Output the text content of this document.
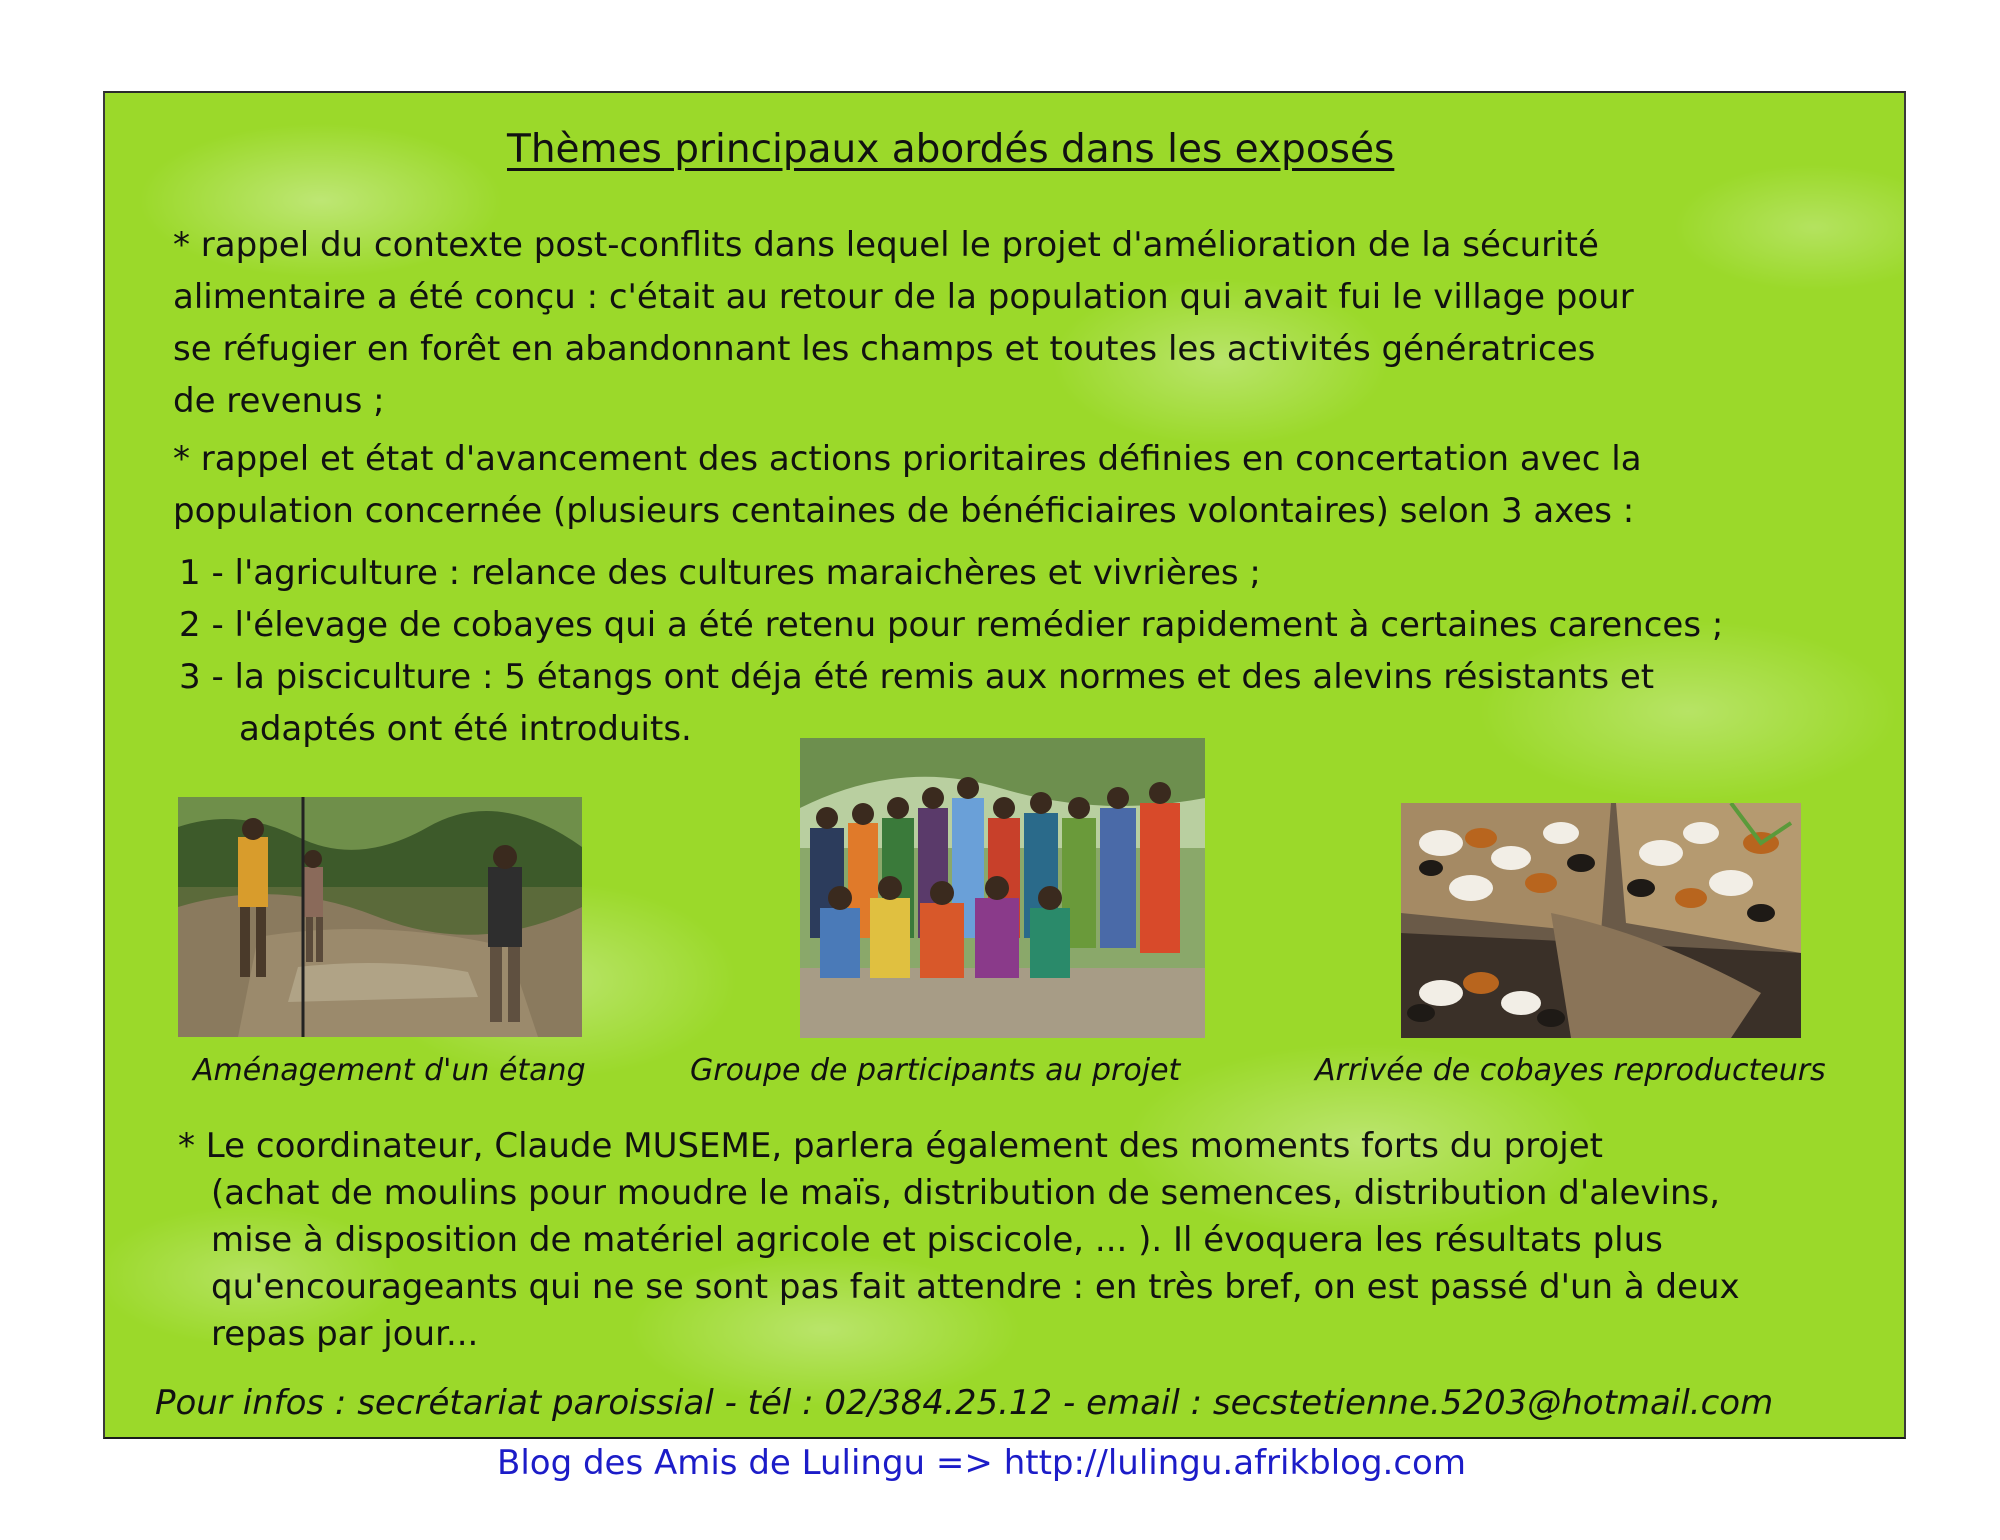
Thèmes principaux abordés dans les exposés
* rappel du contexte post-conflits dans lequel le projet d'amélioration de la sécurité
alimentaire a été conçu : c'était au retour de la population qui avait fui le village pour
se réfugier en forêt en abandonnant les champs et toutes les activités génératrices
de revenus ;
* rappel et état d'avancement des actions prioritaires définies en concertation avec la
population concernée (plusieurs centaines de bénéficiaires volontaires) selon 3 axes :
1 - l'agriculture : relance des cultures maraichères et vivrières ;
2 - l'élevage de cobayes qui a été retenu pour remédier rapidement à certaines carences ;
3 - la pisciculture : 5 étangs ont déja été remis aux normes et des alevins résistants et
adaptés ont été introduits.
Aménagement d'un étang	Groupe de participants au projet	Arrivée de cobayes reproducteurs
* Le coordinateur, Claude MUSEME, parlera également des moments forts du projet
(achat de moulins pour moudre le maïs, distribution de semences, distribution d'alevins,
mise à disposition de matériel agricole et piscicole, ... ). Il évoquera les résultats plus
qu'encourageants qui ne se sont pas fait attendre : en très bref, on est passé d'un à deux
repas par jour...
Pour infos : secrétariat paroissial - tél : 02/384.25.12 - email : secstetienne.5203@hotmail.com
Blog des Amis de Lulingu => http://lulingu.afrikblog.com
